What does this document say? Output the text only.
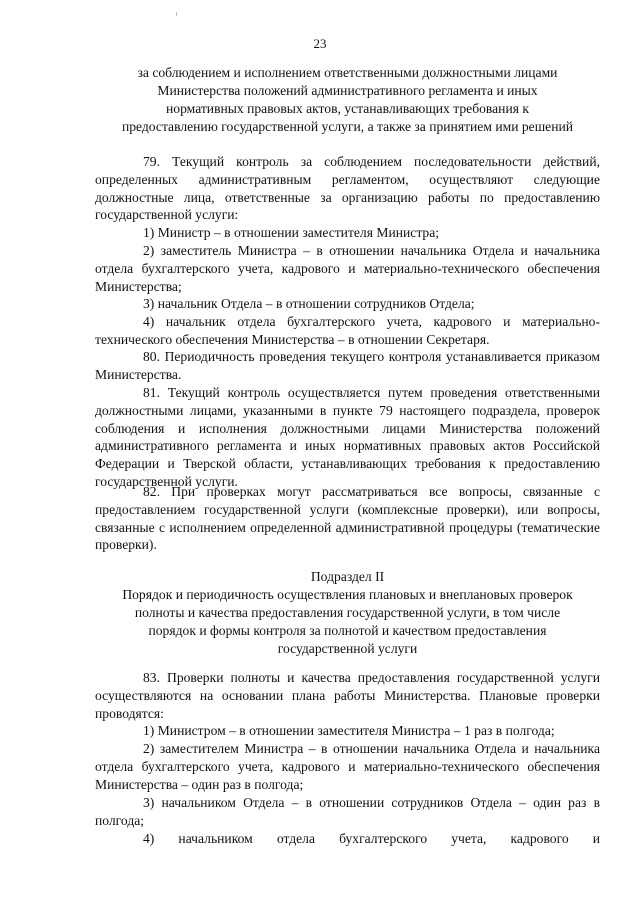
23
за соблюдением и исполнением ответственными должностными лицами
Министерства положений административного регламента и иных
нормативных правовых актов, устанавливающих требования к
предоставлению государственной услуги, а также за принятием ими решений
79. Текущий контроль за соблюдением последовательности действий, определенных административным регламентом, осуществляют следующие должностные лица, ответственные за организацию работы по предоставлению государственной услуги:
1) Министр – в отношении заместителя Министра;
2) заместитель Министра – в отношении начальника Отдела и начальника отдела бухгалтерского учета, кадрового и материально-технического обеспечения Министерства;
3) начальник Отдела – в отношении сотрудников Отдела;
4) начальник отдела бухгалтерского учета, кадрового и материально-технического обеспечения Министерства – в отношении Секретаря.
80. Периодичность проведения текущего контроля устанавливается приказом Министерства.
81. Текущий контроль осуществляется путем проведения ответственными должностными лицами, указанными в пункте 79 настоящего подраздела, проверок соблюдения и исполнения должностными лицами Министерства положений административного регламента и иных нормативных правовых актов Российской Федерации и Тверской области, устанавливающих требования к предоставлению государственной услуги.
82. При проверках могут рассматриваться все вопросы, связанные с предоставлением государственной услуги (комплексные проверки), или вопросы, связанные с исполнением определенной административной процедуры (тематические проверки).
Подраздел II
Порядок и периодичность осуществления плановых и внеплановых проверок
полноты и качества предоставления государственной услуги, в том числе
порядок и формы контроля за полнотой и качеством предоставления
государственной услуги
83. Проверки полноты и качества предоставления государственной услуги осуществляются на основании плана работы Министерства. Плановые проверки проводятся:
1) Министром – в отношении заместителя Министра – 1 раз в полгода;
2) заместителем Министра – в отношении начальника Отдела и начальника отдела бухгалтерского учета, кадрового и материально-технического обеспечения Министерства – один раз в полгода;
3) начальником Отдела – в отношении сотрудников Отдела – один раз в полгода;
4) начальником отдела бухгалтерского учета, кадрового и
